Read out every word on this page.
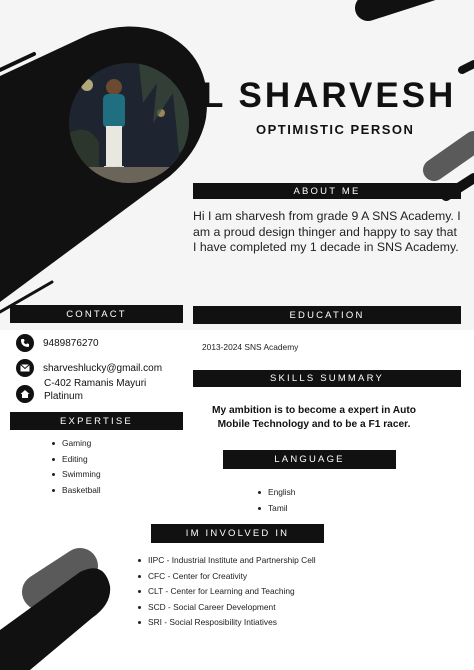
L SHARVESH
OPTIMISTIC PERSON
ABOUT ME
Hi I am sharvesh from grade 9 A SNS Academy. I am a proud design thinger and happy to say that I have completed my 1 decade in SNS Academy.
CONTACT
9489876270
sharveshlucky@gmail.com
C-402 Ramanis Mayuri
Platinum
EXPERTISE
Gaming
Editing
Swimming
Basketball
EDUCATION
2013-2024 SNS Academy
SKILLS SUMMARY
My ambition is to become a expert in Auto Mobile Technology and to be a F1 racer.
LANGUAGE
English
Tamil
IM INVOLVED IN
IIPC - Industrial Institute and Partnership Cell
CFC - Center for Creativity
CLT - Center for Learning and Teaching
SCD - Social Career Development
SRI - Social Resposibility Intiatives
